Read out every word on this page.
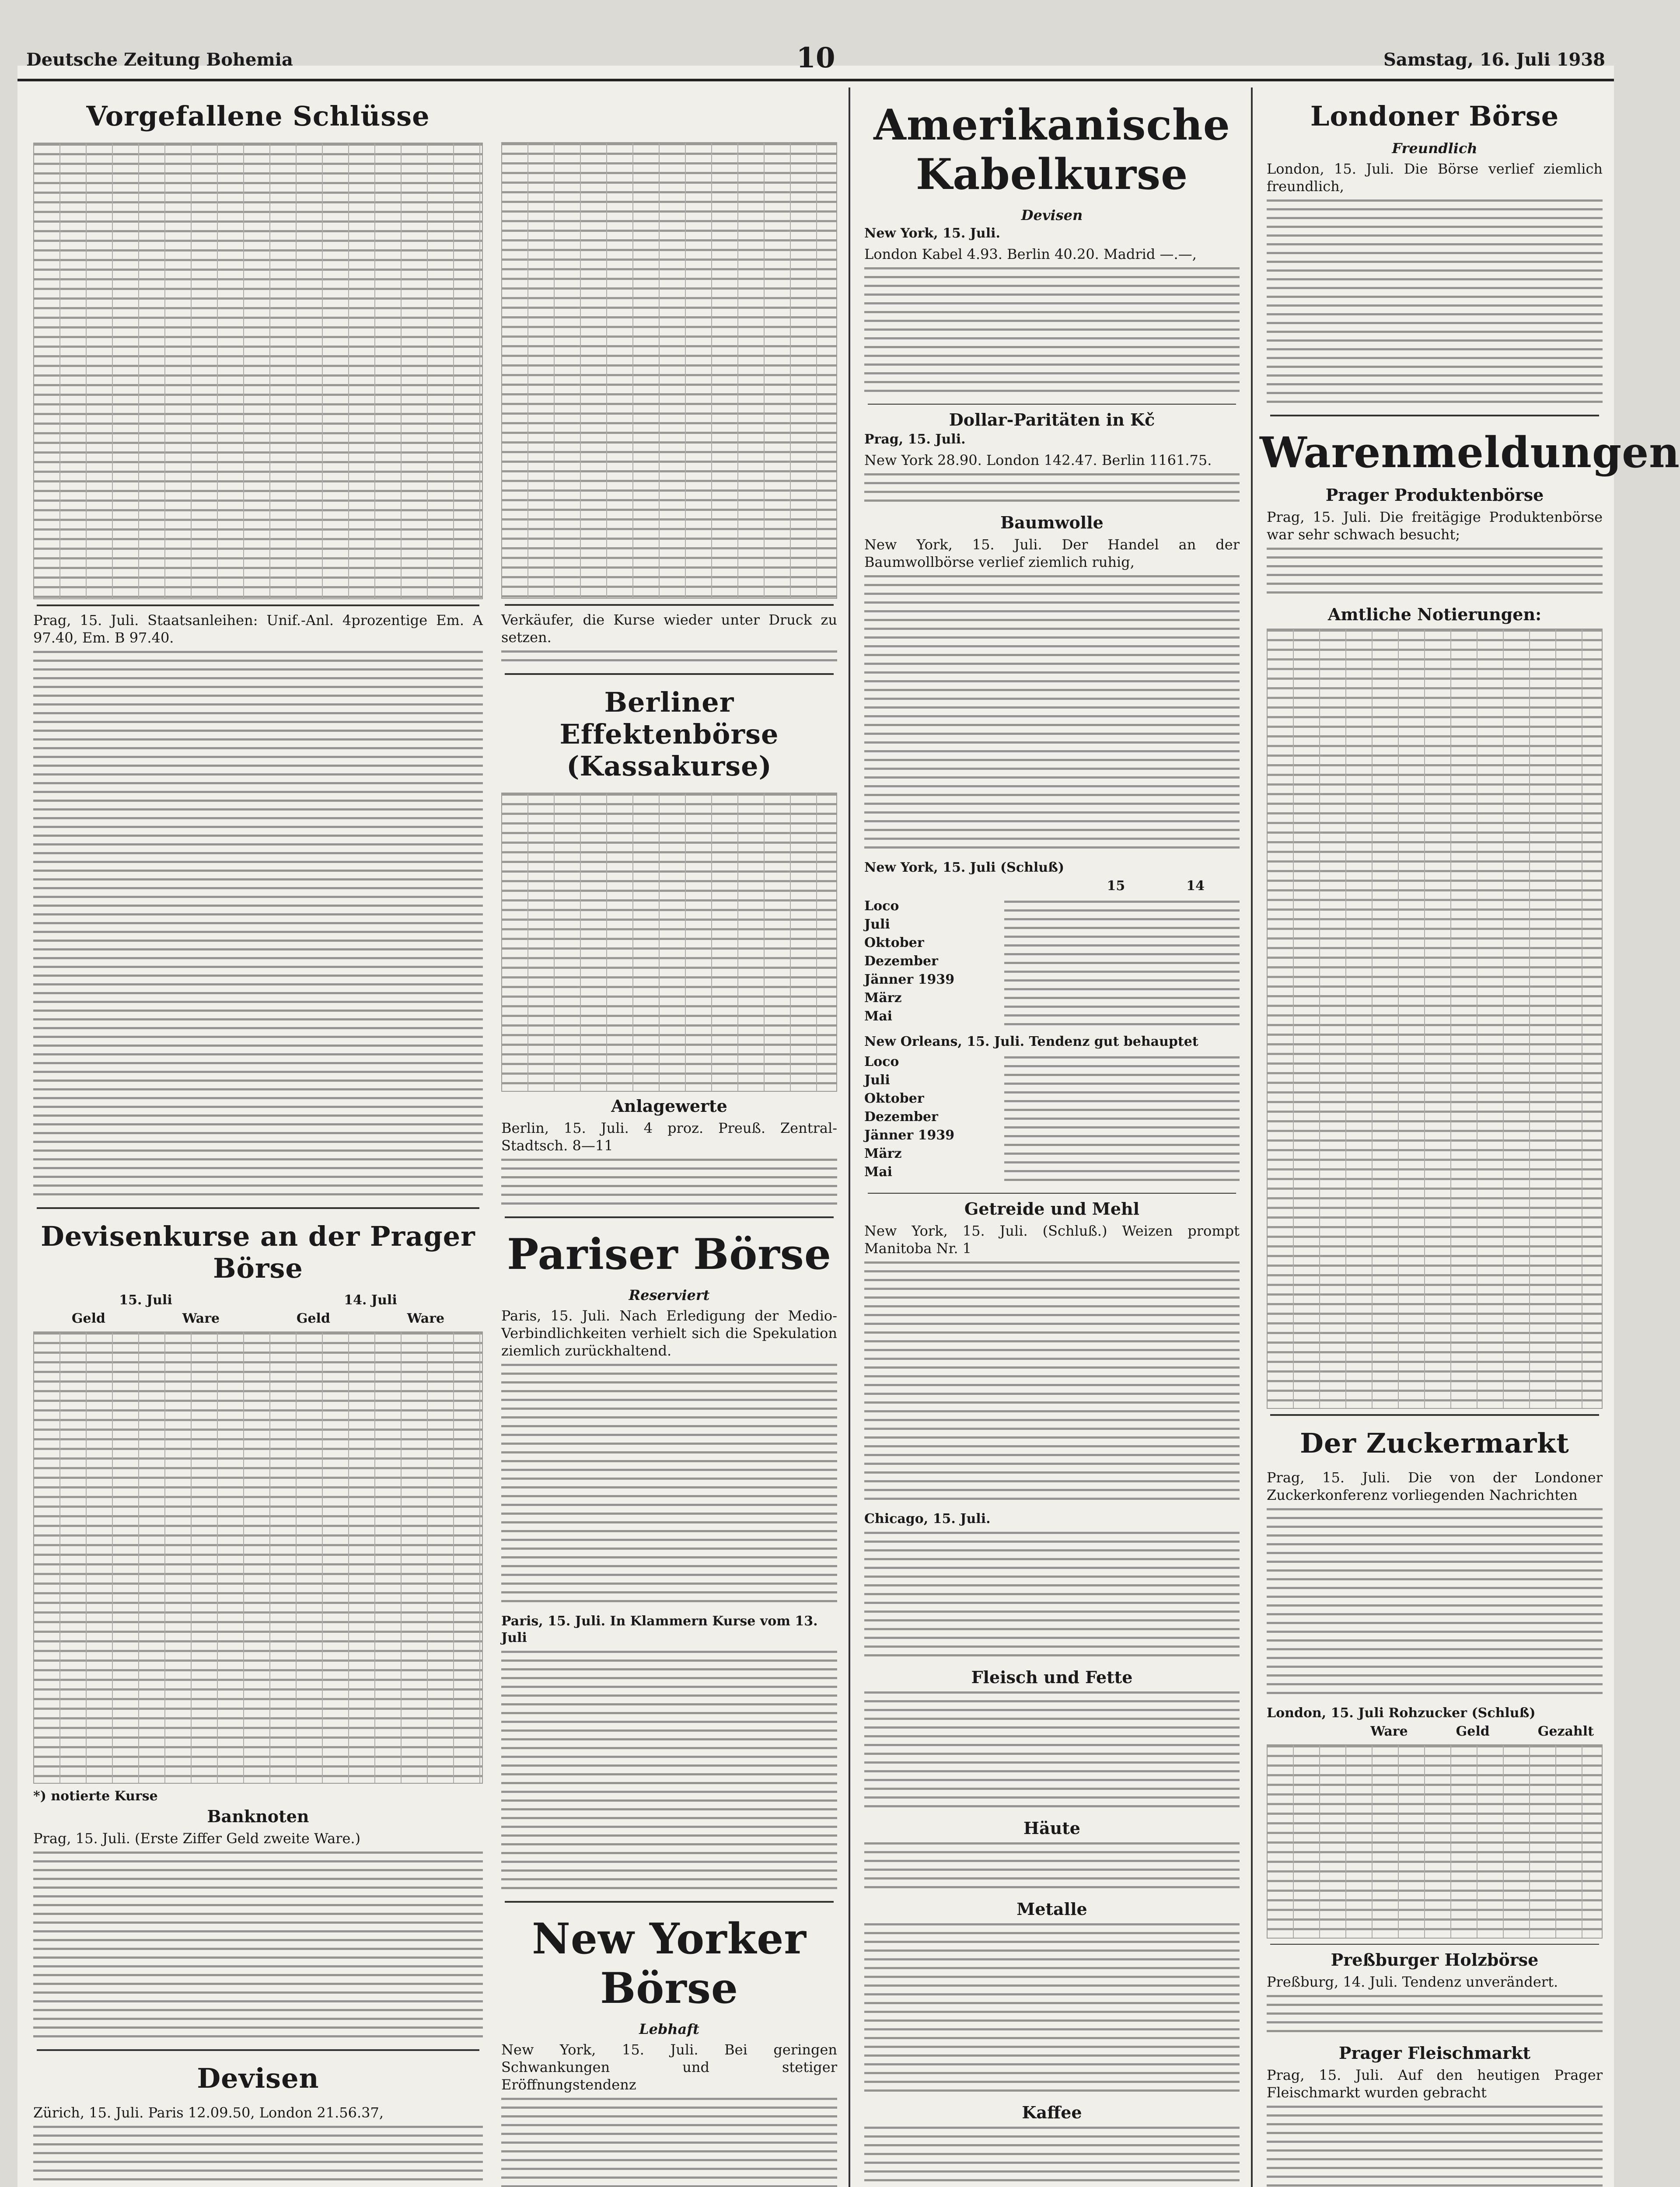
Deutsche Zeitung Bohemia	10	Samstag, 16. Juli 1938
Vorgefallene Schlüsse

Prag, 15. Juli. Staatsanleihen: Unif.-Anl. 4prozentige Em. A 97.40, Em. B 97.40.

Devisenkurse an der Prager Börse
15. Juli	14. Juli
Geld	Ware	Geld	Ware

*) notierte Kurse

Banknoten

Prag, 15. Juli. (Erste Ziffer Geld zweite Ware.)

Devisen

Zürich, 15. Juli. Paris 12.09.50, London 21.56.37,

Verkäufer, die Kurse wieder unter Druck zu setzen.

Berliner Effektenbörse (Kassakurse)

Anlagewerte

Berlin, 15. Juli. 4 proz. Preuß. Zentral-Stadtsch. 8—11

Pariser Börse

Reserviert

Paris, 15. Juli. Nach Erledigung der Medio-Verbindlichkeiten verhielt sich die Spekulation ziemlich zurückhaltend.

Paris, 15. Juli. In Klammern Kurse vom 13. Juli

New Yorker Börse

Lebhaft

New York, 15. Juli. Bei geringen Schwankungen und stetiger Eröffnungstendenz

Amerikanische Kabelkurse

Devisen

New York, 15. Juli.

London Kabel 4.93. Berlin 40.20. Madrid —.—,

Dollar-Paritäten in Kč

Prag, 15. Juli.

New York 28.90. London 142.47. Berlin 1161.75.

Baumwolle

New York, 15. Juli. Der Handel an der Baumwollbörse verlief ziemlich ruhig,

New York, 15. Juli (Schluß)

15	14

Loco

Juli

Oktober

Dezember

Jänner 1939

März

Mai

New Orleans, 15. Juli. Tendenz gut behauptet

Loco

Juli

Oktober

Dezember

Jänner 1939

März

Mai

Getreide und Mehl

New York, 15. Juli. (Schluß.) Weizen prompt Manitoba Nr. 1

Chicago, 15. Juli.

Fleisch und Fette

Häute

Metalle

Kaffee

Londoner Börse

Freundlich

London, 15. Juli. Die Börse verlief ziemlich freundlich,

Warenmeldungen

Prager Produktenbörse

Prag, 15. Juli. Die freitägige Produktenbörse war sehr schwach besucht;

Amtliche Notierungen:

Der Zuckermarkt

Prag, 15. Juli. Die von der Londoner Zuckerkonferenz vorliegenden Nachrichten

London, 15. Juli Rohzucker (Schluß)

Ware	Geld	Gezahlt

Preßburger Holzbörse

Preßburg, 14. Juli. Tendenz unverändert.

Prager Fleischmarkt

Prag, 15. Juli. Auf den heutigen Prager Fleischmarkt wurden gebracht
